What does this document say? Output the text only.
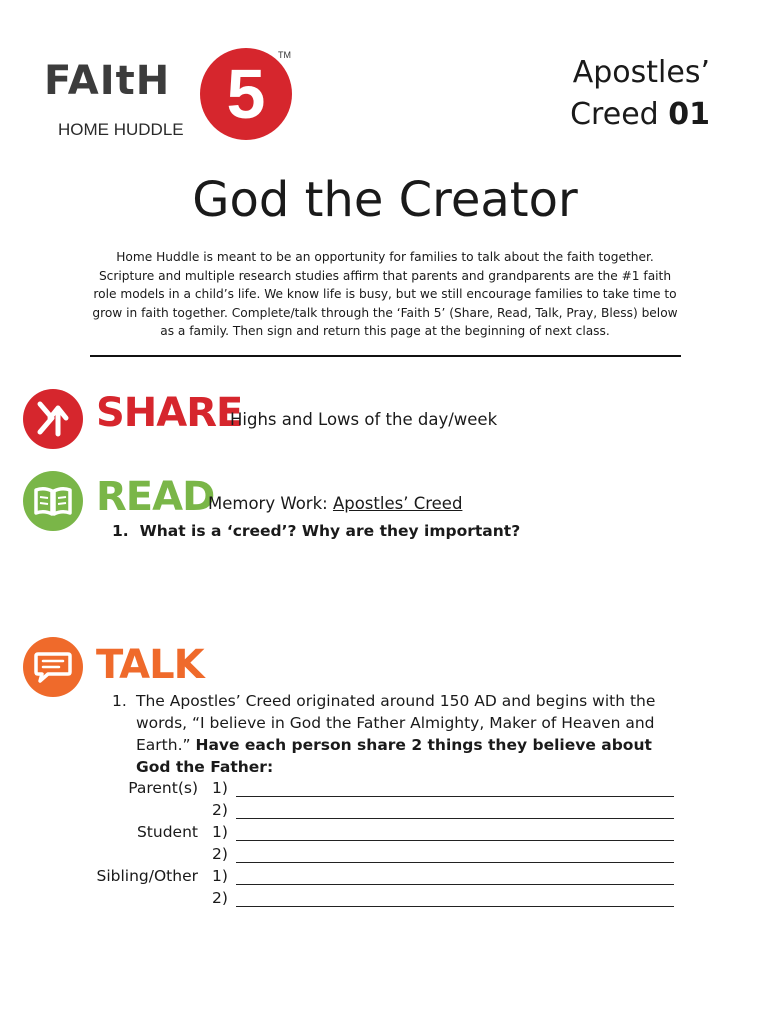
FAItH 5	TM
HOME HUDDLE
Apostles’
Creed 01
God the Creator
Home Huddle is meant to be an opportunity for families to talk about the faith together. Scripture and multiple research studies affirm that parents and grandparents are the #1 faith role models in a child’s life. We know life is busy, but we still encourage families to take time to grow in faith together. Complete/talk through the ‘Faith 5’ (Share, Read, Talk, Pray, Bless) below as a family. Then sign and return this page at the beginning of next class.
SHARE
Highs and Lows of the day/week
READ
Memory Work: Apostles’ Creed
1. What is a ‘creed’? Why are they important?
TALK
1. The Apostles’ Creed originated around 150 AD and begins with the words, “I believe in God the Father Almighty, Maker of Heaven and Earth.” Have each person share 2 things they believe about God the Father:
Parent(s) 1)
2)
Student 1)
2)
Sibling/Other 1)
2)
